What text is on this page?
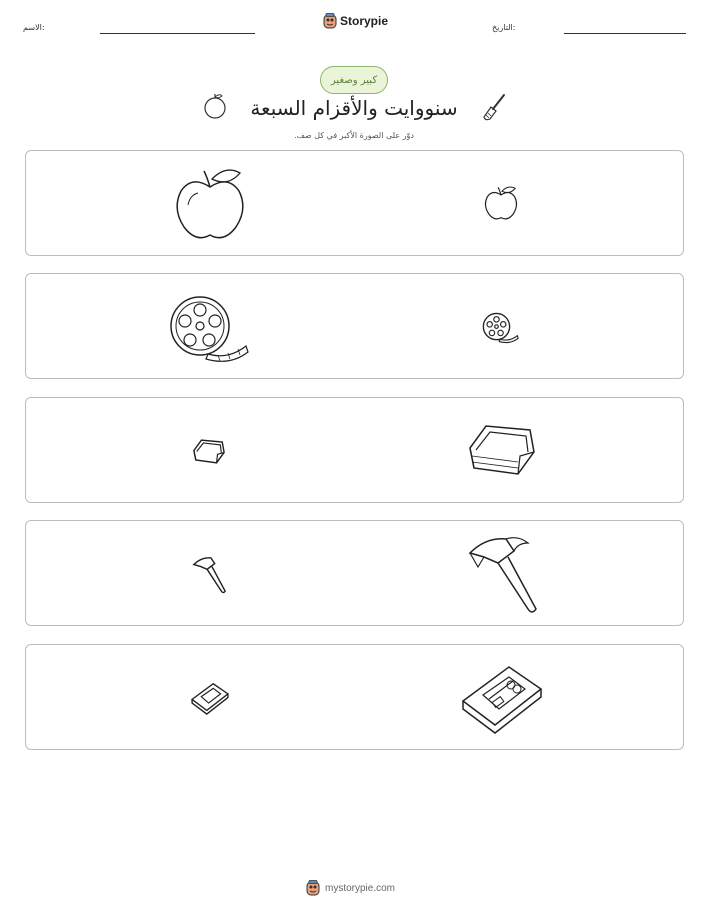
الاسم:	Storypie	التاريخ:
كبير وصغير
سنووايت والأقزام السبعة
دوّر على الصورة الأكبر في كل صف.
mystorypie.com
